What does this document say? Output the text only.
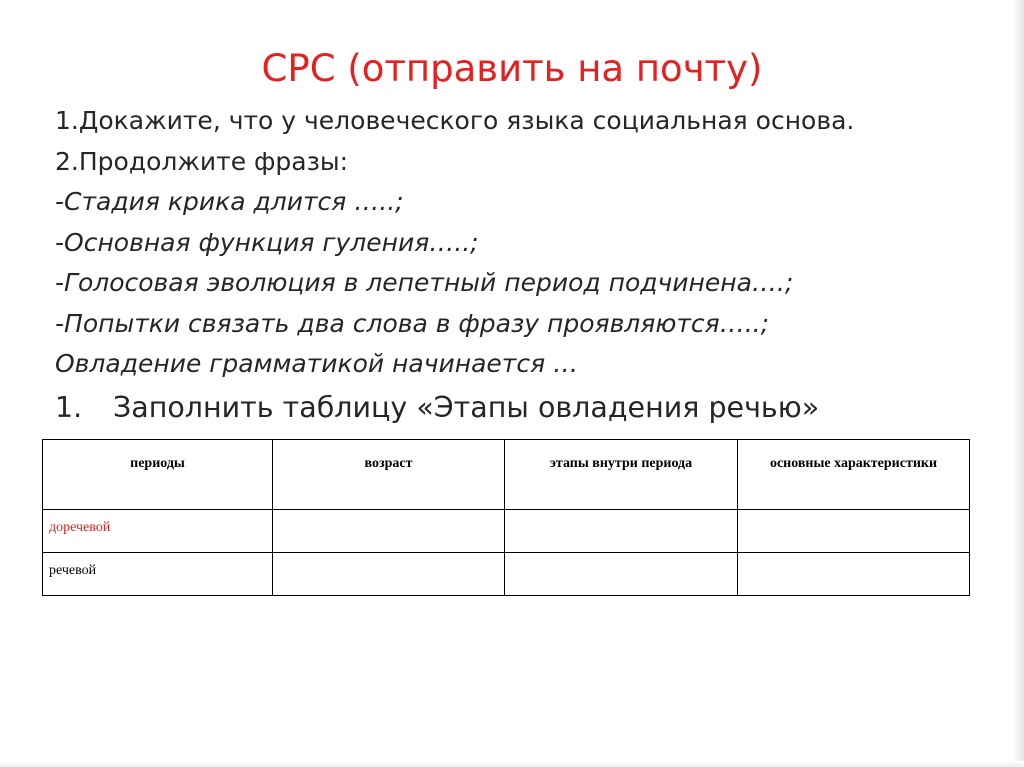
СРС (отправить на почту)
1.Докажите, что у человеческого языка социальная основа.
2.Продолжите фразы:
-Стадия крика длится …..;
-Основная функция гуления…..;
-Голосовая эволюция в лепетный период подчинена….;
-Попытки связать два слова в фразу проявляются…..;
Овладение грамматикой начинается …
1. Заполнить таблицу «Этапы овладения речью»
периоды	возраст	этапы внутри периода	основные характеристики
доречевой			
речевой			
